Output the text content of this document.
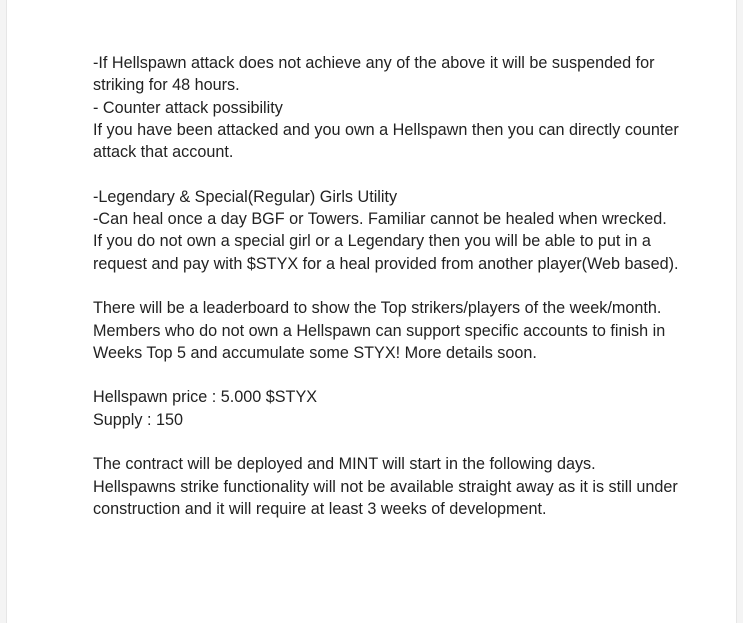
-If Hellspawn attack does not achieve any of the above it will be suspended for striking for 48 hours.

- Counter attack possibility

If you have been attacked and you own a Hellspawn then you can directly counter attack that account.

-Legendary & Special(Regular) Girls Utility

-Can heal once a day BGF or Towers. Familiar cannot be healed when wrecked.

If you do not own a special girl or a Legendary then you will be able to put in a request and pay with $STYX for a heal provided from another player(Web based).

There will be a leaderboard to show the Top strikers/players of the week/month.

Members who do not own a Hellspawn can support specific accounts to finish in Weeks Top 5 and accumulate some STYX! More details soon.

Hellspawn price : 5.000 $STYX

Supply : 150

The contract will be deployed and MINT will start in the following days.

Hellspawns strike functionality will not be available straight away as it is still under construction and it will require at least 3 weeks of development.
